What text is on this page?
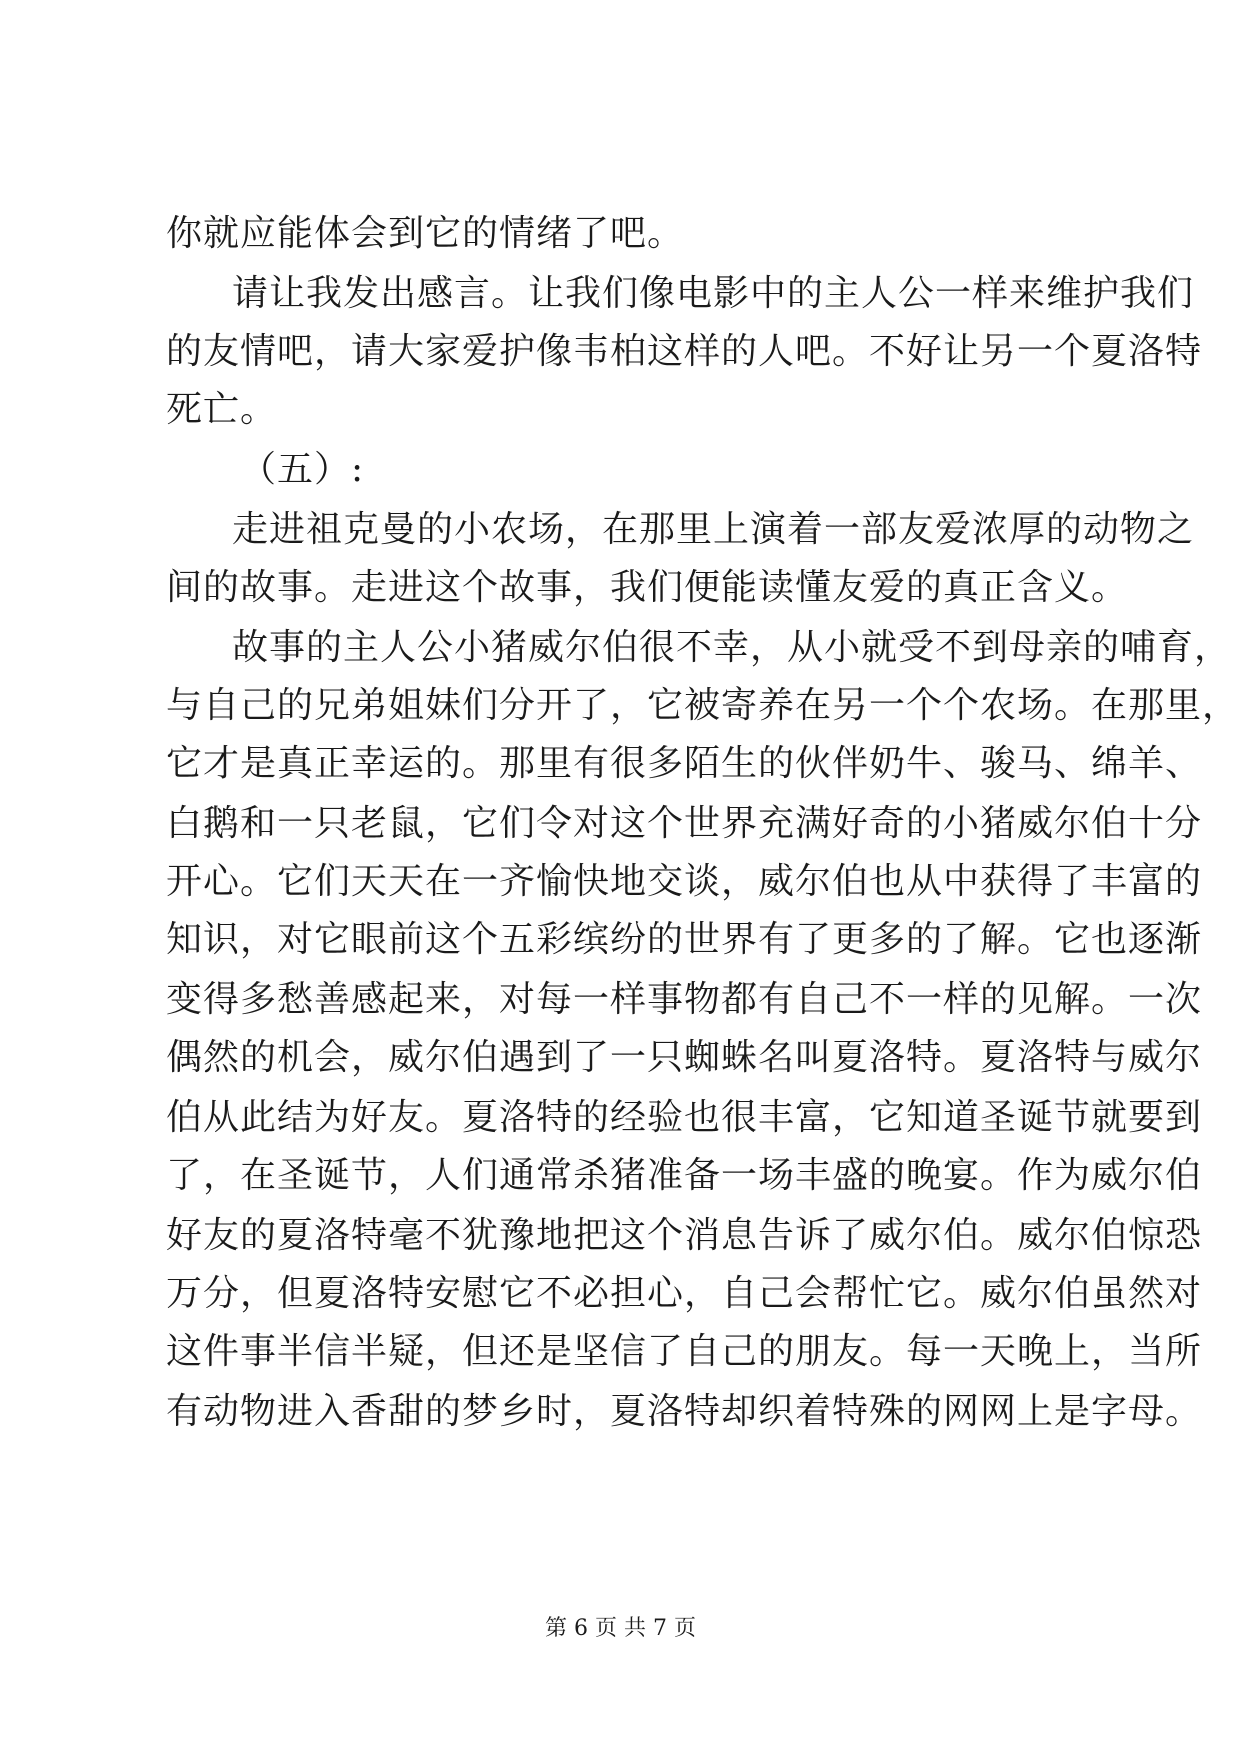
你就应能体会到它的情绪了吧。
请让我发出感言。让我们像电影中的主人公一样来维护我们
的友情吧，请大家爱护像韦柏这样的人吧。不好让另一个夏洛特
死亡。
（五）:
走进祖克曼的小农场，在那里上演着一部友爱浓厚的动物之
间的故事。走进这个故事，我们便能读懂友爱的真正含义。
故事的主人公小猪威尔伯很不幸，从小就受不到母亲的哺育，
与自己的兄弟姐妹们分开了，它被寄养在另一个个农场。在那里，
它才是真正幸运的。那里有很多陌生的伙伴奶牛、骏马、绵羊、
白鹅和一只老鼠，它们令对这个世界充满好奇的小猪威尔伯十分
开心。它们天天在一齐愉快地交谈，威尔伯也从中获得了丰富的
知识，对它眼前这个五彩缤纷的世界有了更多的了解。它也逐渐
变得多愁善感起来，对每一样事物都有自己不一样的见解。一次
偶然的机会，威尔伯遇到了一只蜘蛛名叫夏洛特。夏洛特与威尔
伯从此结为好友。夏洛特的经验也很丰富，它知道圣诞节就要到
了，在圣诞节，人们通常杀猪准备一场丰盛的晚宴。作为威尔伯
好友的夏洛特毫不犹豫地把这个消息告诉了威尔伯。威尔伯惊恐
万分，但夏洛特安慰它不必担心，自己会帮忙它。威尔伯虽然对
这件事半信半疑，但还是坚信了自己的朋友。每一天晚上，当所
有动物进入香甜的梦乡时，夏洛特却织着特殊的网网上是字母。
第 6 页 共 7 页
